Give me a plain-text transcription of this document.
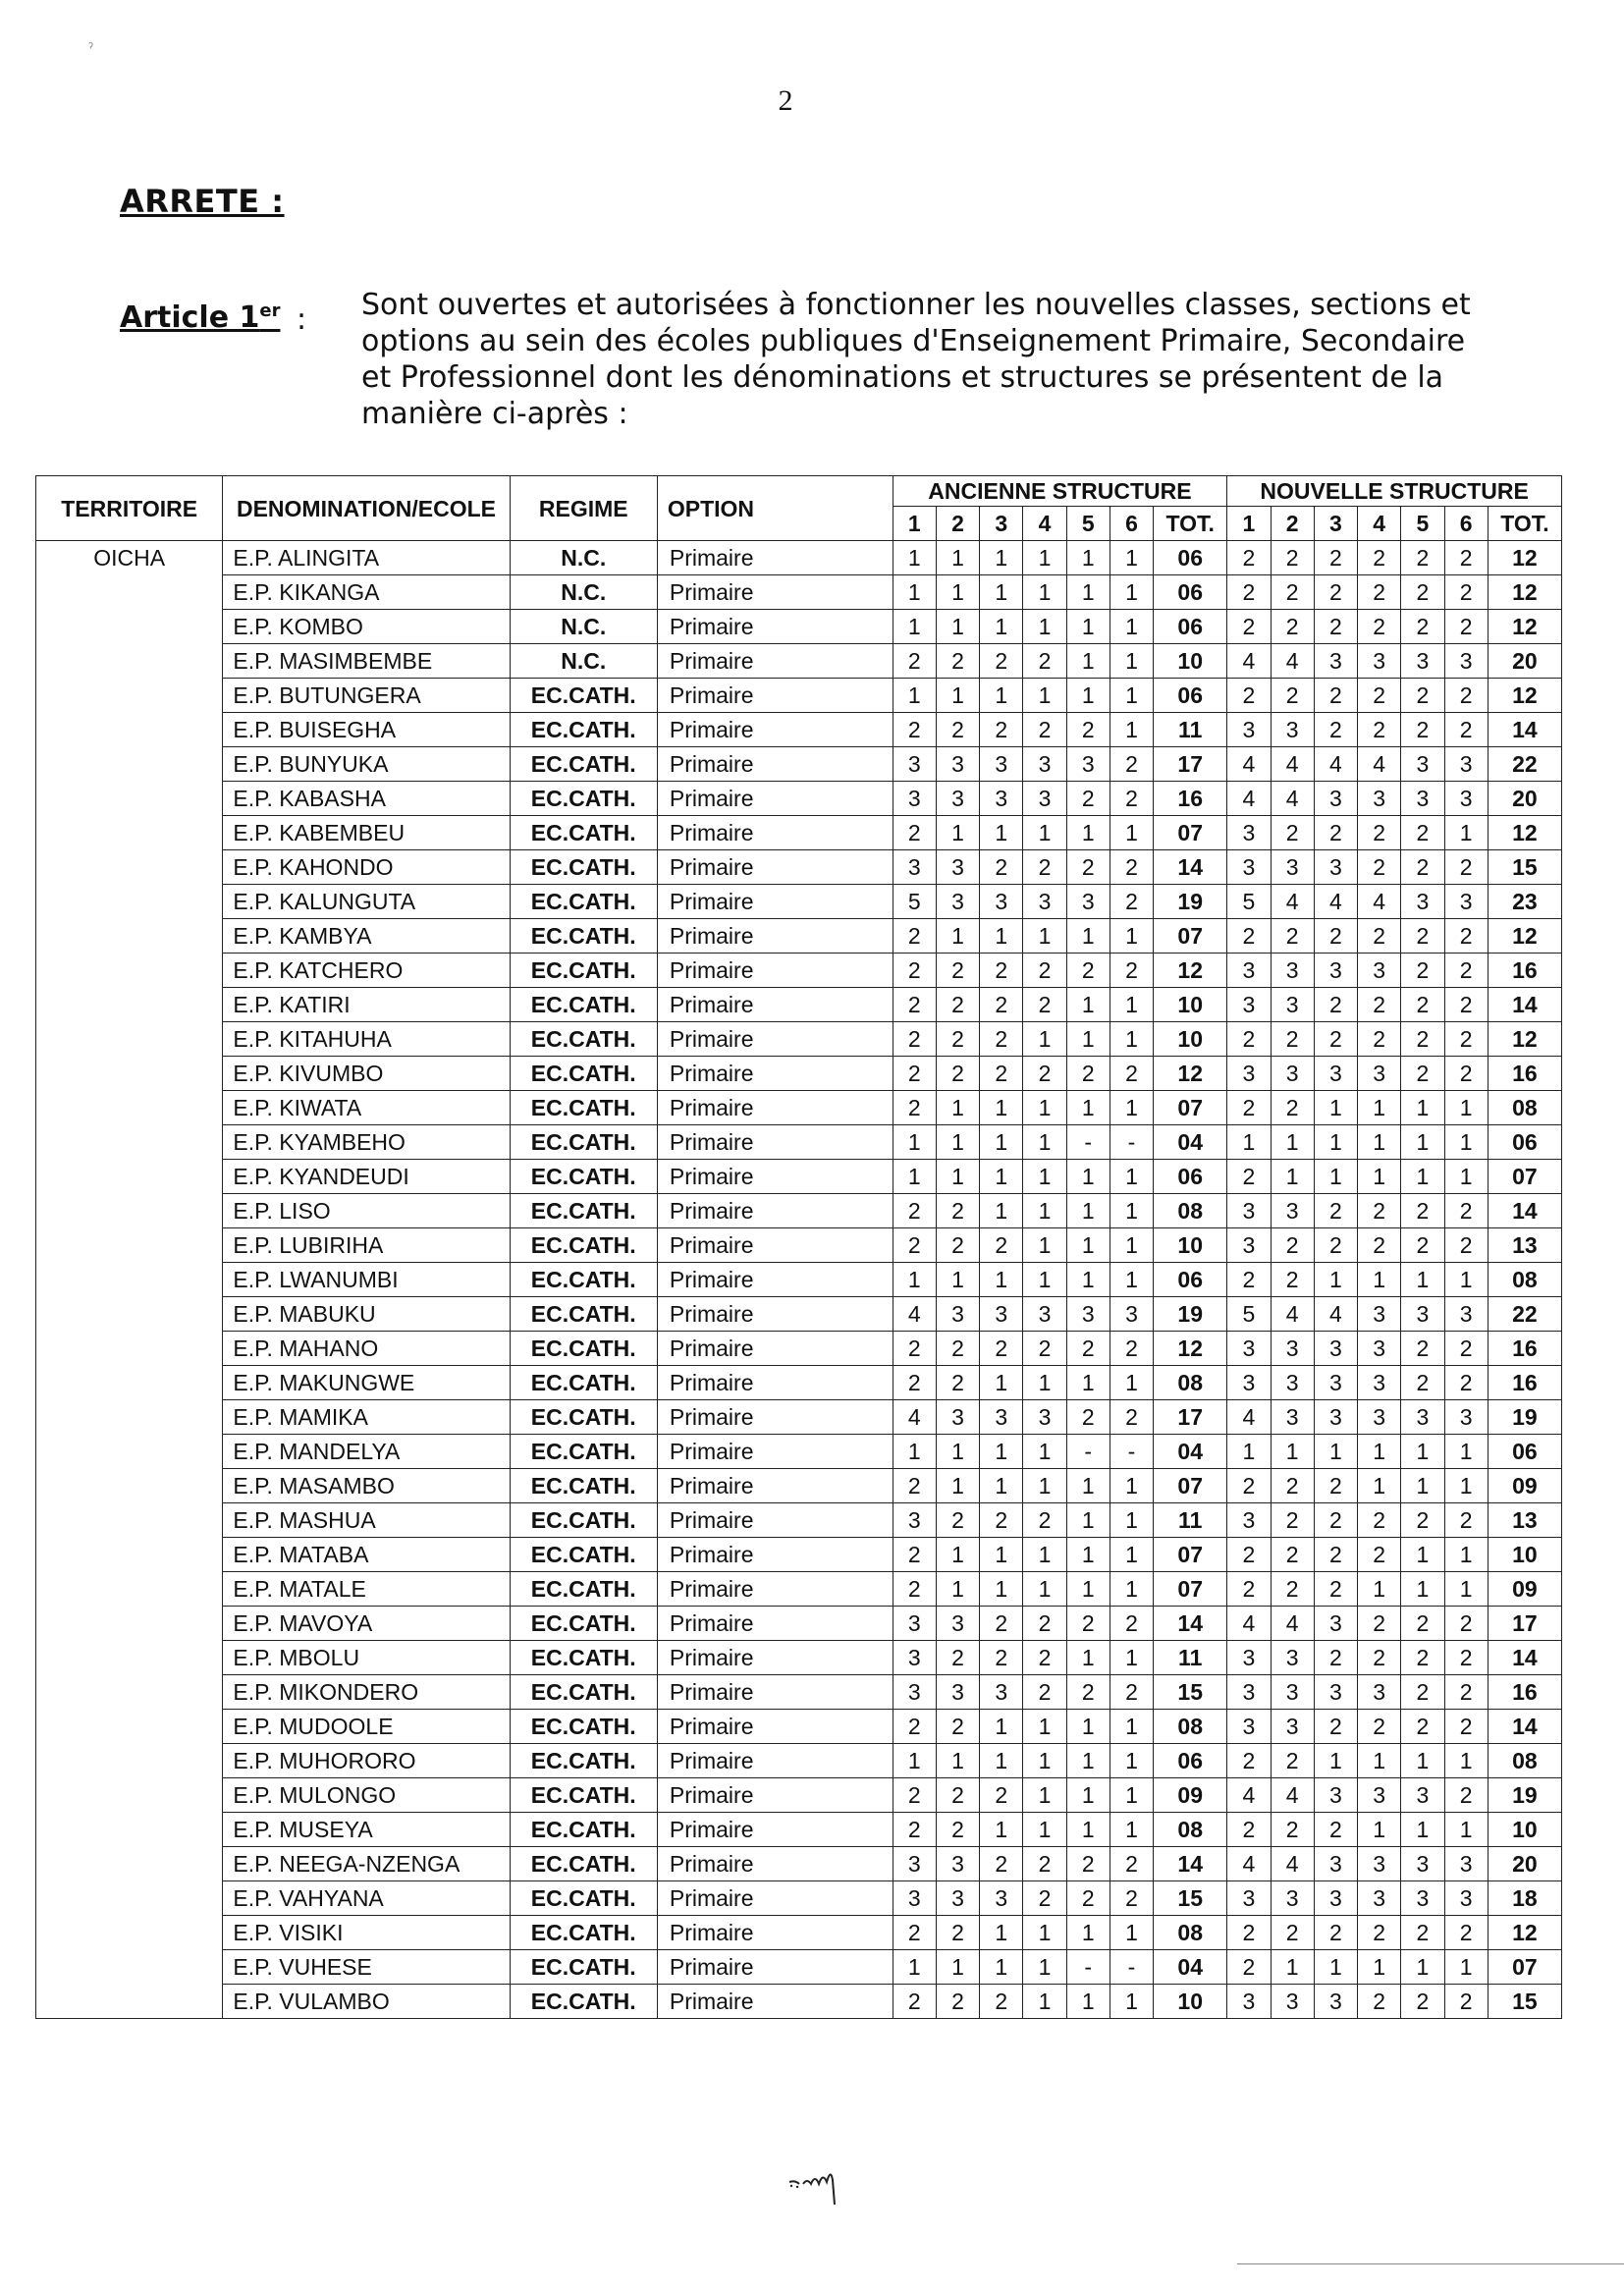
ˀ
2
ARRETE :
Article 1er : Sont ouvertes et autorisées à fonctionner les nouvelles classes, sections et options au sein des écoles publiques d'Enseignement Primaire, Secondaire et Professionnel dont les dénominations et structures se présentent de la manière ci-après :
TERRITOIRE	DENOMINATION/ECOLE	REGIME	OPTION	ANCIENNE STRUCTURE							NOUVELLE STRUCTURE						
				1	2	3	4	5	6	TOT.	1	2	3	4	5	6	TOT.
OICHA	E.P. ALINGITA	N.C.	Primaire	1	1	1	1	1	1	06	2	2	2	2	2	2	12
	E.P. KIKANGA	N.C.	Primaire	1	1	1	1	1	1	06	2	2	2	2	2	2	12
	E.P. KOMBO	N.C.	Primaire	1	1	1	1	1	1	06	2	2	2	2	2	2	12
	E.P. MASIMBEMBE	N.C.	Primaire	2	2	2	2	1	1	10	4	4	3	3	3	3	20
	E.P. BUTUNGERA	EC.CATH.	Primaire	1	1	1	1	1	1	06	2	2	2	2	2	2	12
	E.P. BUISEGHA	EC.CATH.	Primaire	2	2	2	2	2	1	11	3	3	2	2	2	2	14
	E.P. BUNYUKA	EC.CATH.	Primaire	3	3	3	3	3	2	17	4	4	4	4	3	3	22
	E.P. KABASHA	EC.CATH.	Primaire	3	3	3	3	2	2	16	4	4	3	3	3	3	20
	E.P. KABEMBEU	EC.CATH.	Primaire	2	1	1	1	1	1	07	3	2	2	2	2	1	12
	E.P. KAHONDO	EC.CATH.	Primaire	3	3	2	2	2	2	14	3	3	3	2	2	2	15
	E.P. KALUNGUTA	EC.CATH.	Primaire	5	3	3	3	3	2	19	5	4	4	4	3	3	23
	E.P. KAMBYA	EC.CATH.	Primaire	2	1	1	1	1	1	07	2	2	2	2	2	2	12
	E.P. KATCHERO	EC.CATH.	Primaire	2	2	2	2	2	2	12	3	3	3	3	2	2	16
	E.P. KATIRI	EC.CATH.	Primaire	2	2	2	2	1	1	10	3	3	2	2	2	2	14
	E.P. KITAHUHA	EC.CATH.	Primaire	2	2	2	1	1	1	10	2	2	2	2	2	2	12
	E.P. KIVUMBO	EC.CATH.	Primaire	2	2	2	2	2	2	12	3	3	3	3	2	2	16
	E.P. KIWATA	EC.CATH.	Primaire	2	1	1	1	1	1	07	2	2	1	1	1	1	08
	E.P. KYAMBEHO	EC.CATH.	Primaire	1	1	1	1	-	-	04	1	1	1	1	1	1	06
	E.P. KYANDEUDI	EC.CATH.	Primaire	1	1	1	1	1	1	06	2	1	1	1	1	1	07
	E.P. LISO	EC.CATH.	Primaire	2	2	1	1	1	1	08	3	3	2	2	2	2	14
	E.P. LUBIRIHA	EC.CATH.	Primaire	2	2	2	1	1	1	10	3	2	2	2	2	2	13
	E.P. LWANUMBI	EC.CATH.	Primaire	1	1	1	1	1	1	06	2	2	1	1	1	1	08
	E.P. MABUKU	EC.CATH.	Primaire	4	3	3	3	3	3	19	5	4	4	3	3	3	22
	E.P. MAHANO	EC.CATH.	Primaire	2	2	2	2	2	2	12	3	3	3	3	2	2	16
	E.P. MAKUNGWE	EC.CATH.	Primaire	2	2	1	1	1	1	08	3	3	3	3	2	2	16
	E.P. MAMIKA	EC.CATH.	Primaire	4	3	3	3	2	2	17	4	3	3	3	3	3	19
	E.P. MANDELYA	EC.CATH.	Primaire	1	1	1	1	-	-	04	1	1	1	1	1	1	06
	E.P. MASAMBO	EC.CATH.	Primaire	2	1	1	1	1	1	07	2	2	2	1	1	1	09
	E.P. MASHUA	EC.CATH.	Primaire	3	2	2	2	1	1	11	3	2	2	2	2	2	13
	E.P. MATABA	EC.CATH.	Primaire	2	1	1	1	1	1	07	2	2	2	2	1	1	10
	E.P. MATALE	EC.CATH.	Primaire	2	1	1	1	1	1	07	2	2	2	1	1	1	09
	E.P. MAVOYA	EC.CATH.	Primaire	3	3	2	2	2	2	14	4	4	3	2	2	2	17
	E.P. MBOLU	EC.CATH.	Primaire	3	2	2	2	1	1	11	3	3	2	2	2	2	14
	E.P. MIKONDERO	EC.CATH.	Primaire	3	3	3	2	2	2	15	3	3	3	3	2	2	16
	E.P. MUDOOLE	EC.CATH.	Primaire	2	2	1	1	1	1	08	3	3	2	2	2	2	14
	E.P. MUHORORO	EC.CATH.	Primaire	1	1	1	1	1	1	06	2	2	1	1	1	1	08
	E.P. MULONGO	EC.CATH.	Primaire	2	2	2	1	1	1	09	4	4	3	3	3	2	19
	E.P. MUSEYA	EC.CATH.	Primaire	2	2	1	1	1	1	08	2	2	2	1	1	1	10
	E.P. NEEGA-NZENGA	EC.CATH.	Primaire	3	3	2	2	2	2	14	4	4	3	3	3	3	20
	E.P. VAHYANA	EC.CATH.	Primaire	3	3	3	2	2	2	15	3	3	3	3	3	3	18
	E.P. VISIKI	EC.CATH.	Primaire	2	2	1	1	1	1	08	2	2	2	2	2	2	12
	E.P. VUHESE	EC.CATH.	Primaire	1	1	1	1	-	-	04	2	1	1	1	1	1	07
	E.P. VULAMBO	EC.CATH.	Primaire	2	2	2	1	1	1	10	3	3	3	2	2	2	15
